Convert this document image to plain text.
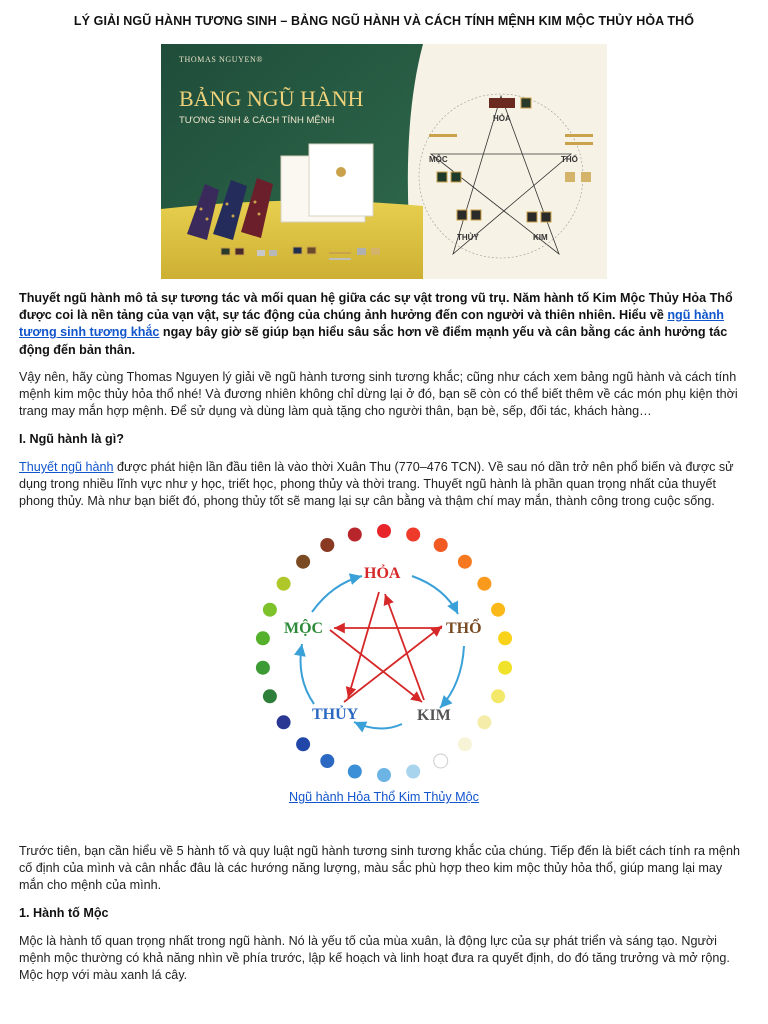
LÝ GIẢI NGŨ HÀNH TƯƠNG SINH – BẢNG NGŨ HÀNH VÀ CÁCH TÍNH MỆNH KIM MỘC THỦY HỎA THỔ
THOMAS NGUYEN®
BẢNG NGŨ HÀNH
TƯƠNG SINH & CÁCH TÍNH MỆNH	HỎA
THỔ
KIM
THỦY
MỘC
Thuyết ngũ hành mô tả sự tương tác và mối quan hệ giữa các sự vật trong vũ trụ. Năm hành tố Kim Mộc Thủy Hỏa Thổ được coi là nền tảng của vạn vật, sự tác động của chúng ảnh hưởng đến con người và thiên nhiên. Hiểu về ngũ hành tương sinh tương khắc ngay bây giờ sẽ giúp bạn hiểu sâu sắc hơn về điểm mạnh yếu và cân bằng các ảnh hưởng tác động đến bản thân.
Vậy nên, hãy cùng Thomas Nguyen lý giải về ngũ hành tương sinh tương khắc; cũng như cách xem bảng ngũ hành và cách tính mệnh kim mộc thủy hỏa thổ nhé! Và đương nhiên không chỉ dừng lại ở đó, bạn sẽ còn có thể biết thêm về các món phụ kiện thời trang may mắn hợp mệnh. Để sử dụng và dùng làm quà tặng cho người thân, bạn bè, sếp, đối tác, khách hàng…
I. Ngũ hành là gì?
Thuyết ngũ hành được phát hiện lần đầu tiên là vào thời Xuân Thu (770–476 TCN). Về sau nó dần trở nên phổ biến và được sử dụng trong nhiều lĩnh vực như y học, triết học, phong thủy và thời trang. Thuyết ngũ hành là phần quan trọng nhất của thuyết phong thủy. Mà như bạn biết đó, phong thủy tốt sẽ mang lại sự cân bằng và thậm chí may mắn, thành công trong cuộc sống.
HỎA
THỔ
KIM
THỦY
MỘC
Ngũ hành Hỏa Thổ Kim Thủy Mộc
Trước tiên, bạn cần hiểu về 5 hành tố và quy luật ngũ hành tương sinh tương khắc của chúng. Tiếp đến là biết cách tính ra mệnh cố định của mình và cân nhắc đâu là các hướng năng lượng, màu sắc phù hợp theo kim mộc thủy hỏa thổ, giúp mang lại may mắn cho mệnh của mình.
1. Hành tố Mộc
Mộc là hành tố quan trọng nhất trong ngũ hành. Nó là yếu tố của mùa xuân, là động lực của sự phát triển và sáng tạo. Người mệnh mộc thường có khả năng nhìn về phía trước, lập kế hoạch và linh hoạt đưa ra quyết định, do đó tăng trưởng và mở rộng. Mộc hợp với màu xanh lá cây.
